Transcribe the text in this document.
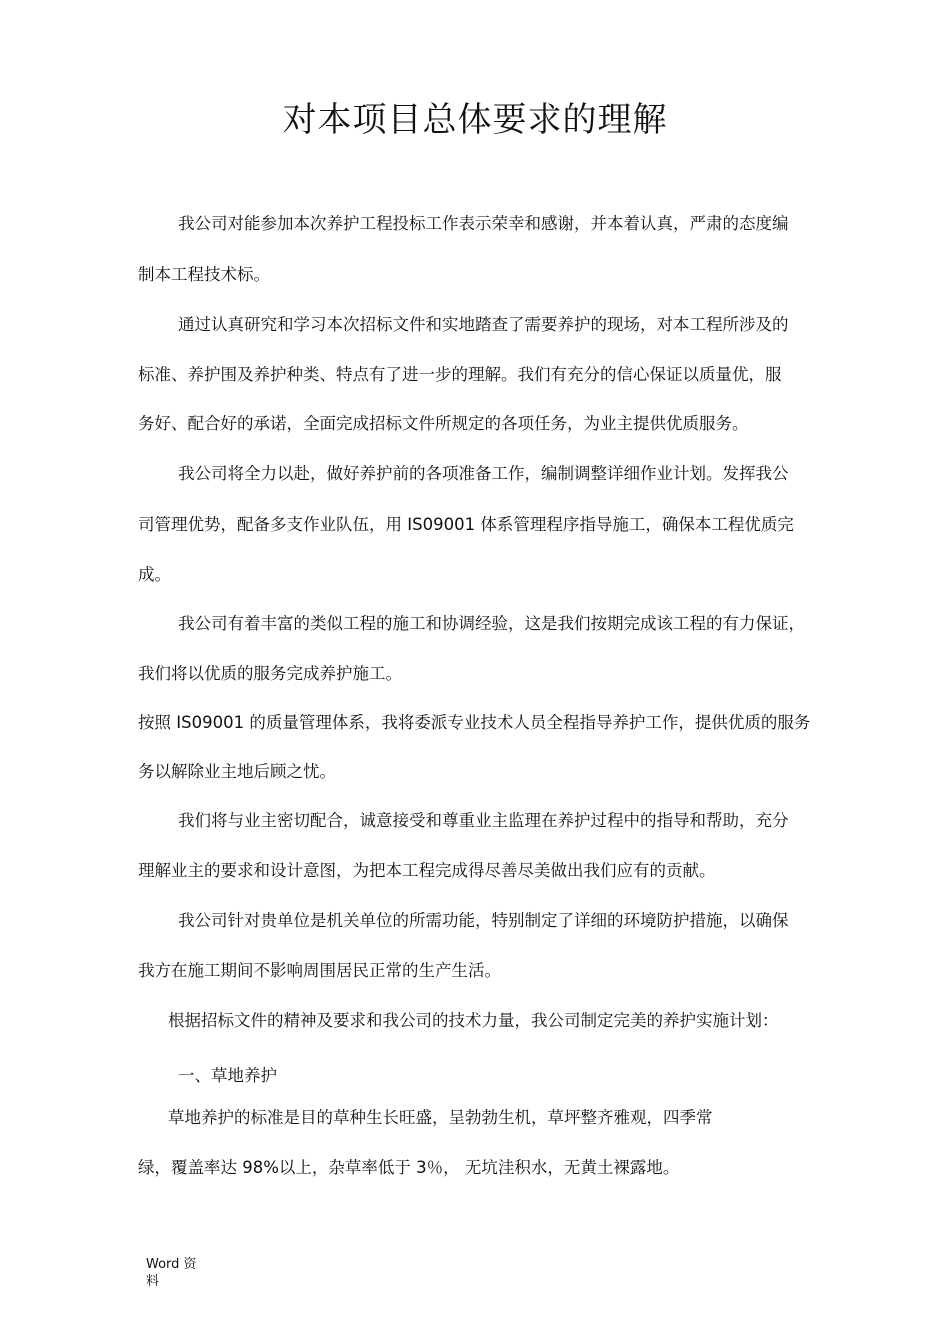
对本项目总体要求的理解
我公司对能参加本次养护工程投标工作表示荣幸和感谢，并本着认真，严肃的态度编
制本工程技术标。
通过认真研究和学习本次招标文件和实地踏查了需要养护的现场，对本工程所涉及的
标准、养护围及养护种类、特点有了进一步的理解。我们有充分的信心保证以质量优，服
务好、配合好的承诺，全面完成招标文件所规定的各项任务，为业主提供优质服务。
我公司将全力以赴，做好养护前的各项准备工作，编制调整详细作业计划。发挥我公
司管理优势，配备多支作业队伍，用 IS09001 体系管理程序指导施工，确保本工程优质完
成。
我公司有着丰富的类似工程的施工和协调经验，这是我们按期完成该工程的有力保证，
我们将以优质的服务完成养护施工。
按照 IS09001 的质量管理体系，我将委派专业技术人员全程指导养护工作，提供优质的服务
务以解除业主地后顾之忧。
我们将与业主密切配合，诚意接受和尊重业主监理在养护过程中的指导和帮助，充分
理解业主的要求和设计意图，为把本工程完成得尽善尽美做出我们应有的贡献。
我公司针对贵单位是机关单位的所需功能，特别制定了详细的环境防护措施，以确保
我方在施工期间不影响周围居民正常的生产生活。
根据招标文件的精神及要求和我公司的技术力量，我公司制定完美的养护实施计划：
一、草地养护
草地养护的标准是目的草种生长旺盛，呈勃勃生机，草坪整齐雅观，四季常
绿，覆盖率达 98%以上，杂草率低于 3％， 无坑洼积水，无黄土裸露地。
Word 资料
